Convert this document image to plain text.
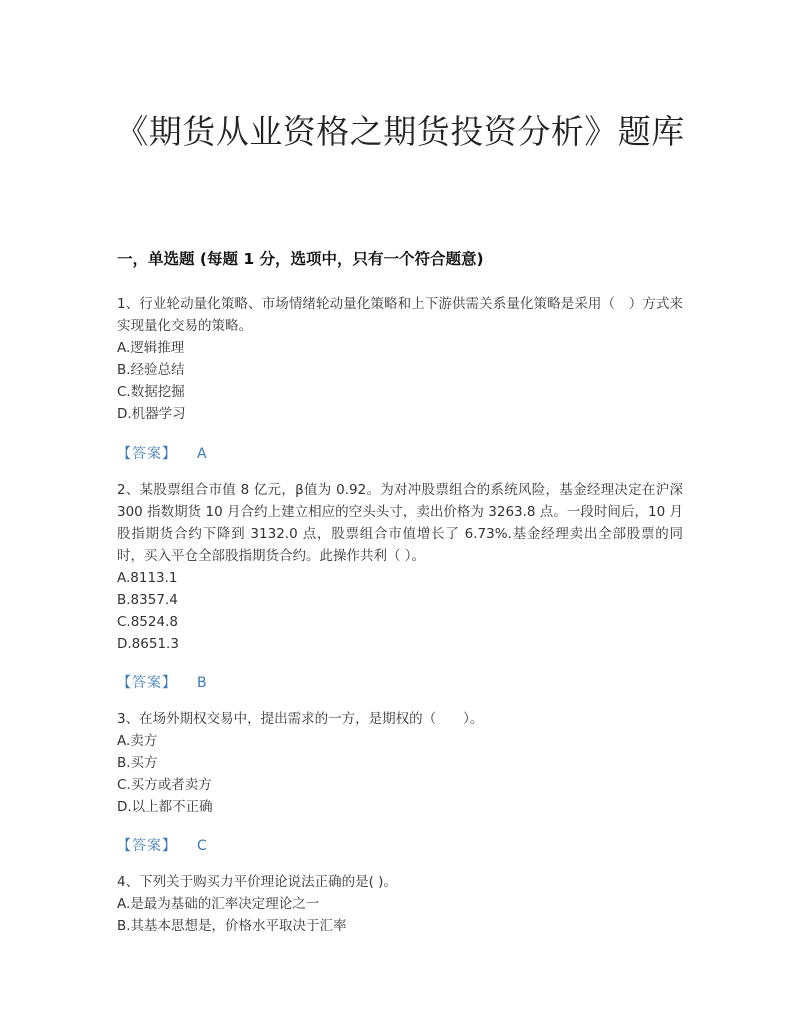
《期货从业资格之期货投资分析》题库
一，单选题 (每题 1 分，选项中，只有一个符合题意)

1、行业轮动量化策略、市场情绪轮动量化策略和上下游供需关系量化策略是采用（　）方式来实现量化交易的策略。

A.逻辑推理

B.经验总结

C.数据挖掘

D.机器学习

【答案】 A

2、某股票组合市值 8 亿元，β值为 0.92。为对冲股票组合的系统风险，基金经理决定在沪深 300 指数期货 10 月合约上建立相应的空头头寸，卖出价格为 3263.8 点。一段时间后，10 月股指期货合约下降到 3132.0 点，股票组合市值增长了 6.73%.基金经理卖出全部股票的同时，买入平仓全部股指期货合约。此操作共利（ ）。

A.8113.1

B.8357.4

C.8524.8

D.8651.3

【答案】 B

3、在场外期权交易中，提出需求的一方，是期权的（　　）。

A.卖方

B.买方

C.买方或者卖方

D.以上都不正确

【答案】 C

4、下列关于购买力平价理论说法正确的是( )。

A.是最为基础的汇率决定理论之一

B.其基本思想是，价格水平取决于汇率
